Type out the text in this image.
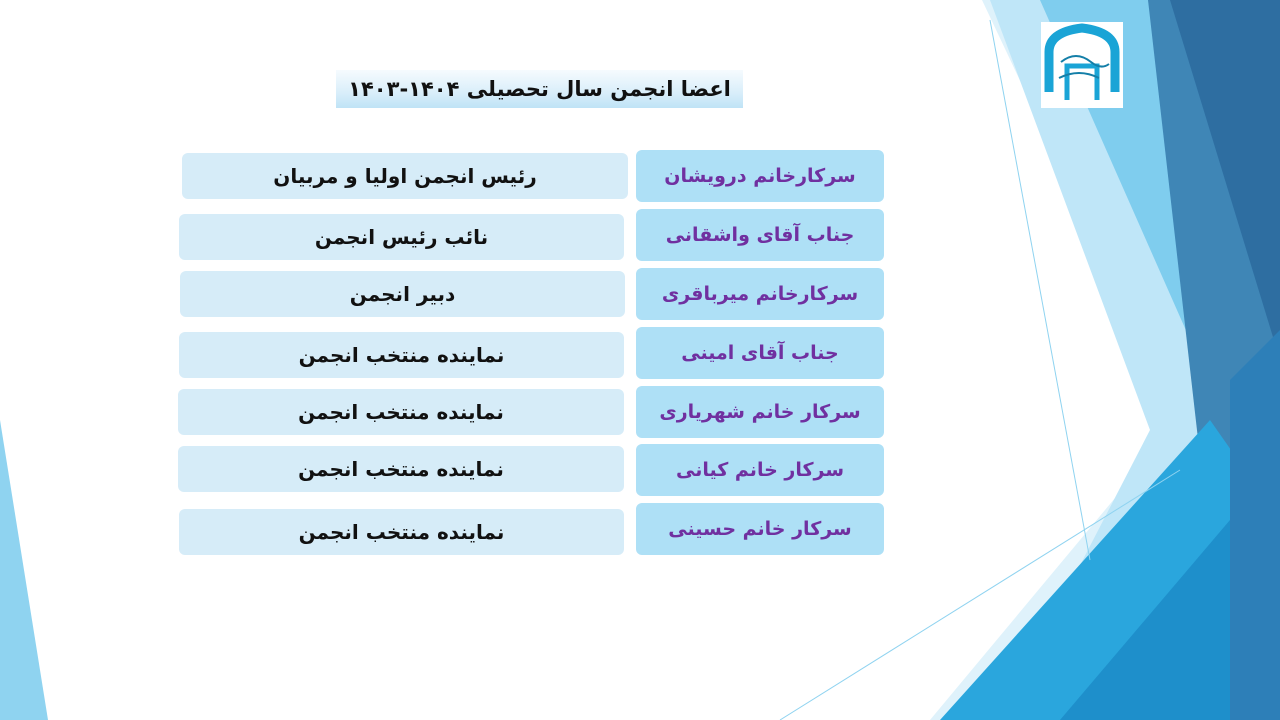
اعضا انجمن سال تحصیلی ۱۴۰۴-۱۴۰۳
رئیس انجمن اولیا و مربیان	سرکارخانم درویشان
نائب رئیس انجمن	جناب آقای واشقانی
دبیر انجمن	سرکارخانم میرباقری
نماینده منتخب انجمن	جناب آقای امینی
نماینده منتخب انجمن	سرکار خانم شهریاری
نماینده منتخب انجمن	سرکار خانم کیانی
نماینده منتخب انجمن	سرکار خانم حسینی
